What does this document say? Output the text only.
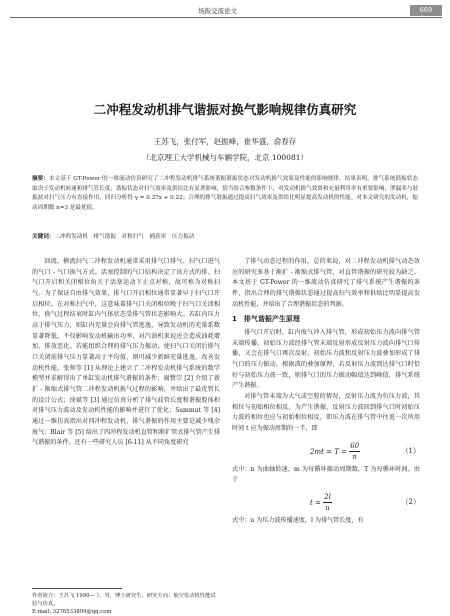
场振交流论文	669
二冲程发动机排气谐振对换气影响规律仿真研究
王苏飞，张付军，赵振峰，崔华盛，俞春存
（北京理工大学机械与车辆学院，北京 100081）
摘要：本文基于 GT-Power 的一维流动仿真研究了二冲程发动机排气系统谐振谐振状态对发动机换气效果及性能的影响规律。结果表明，排气系统谐振状态取决于发动机转速和排气管长度；谐振状态对扫气效率及供给比有显著影响，恰当组合参数条件下，对发动机换气效果和充量利用率有重要影响；泄漏率与谐振波对扫气压力有直接作用，回归分析得 γ = 0.37x + 0.22；合理的排气谐振通过提高扫气效率及供给比明显提高发动机的性能。对本文研究的发动机，振动周期数 n=3 是最优值。
关键词：二冲程发动机　排气谐振　对称扫气　捕获率　压力振动

回流、横流扫气二冲程发动机通常采用排气口排气、扫气口进气的气口 - 气口换气方式。活塞控制的气口结构决定了该方式的排、扫气口开启和关闭相位角关于活塞运动下止点对称，故可称为对称扫气。为了保证自由排气效果，排气口开启相位通常显著早于扫气口开启相位。在对称扫气中，这意味着排气口关闭相位晚于扫气口关闭相位，换气过程结束时缸内气体状态受排气管状态影响大。若缸内压力高于排气压力，则缸内充量会向排气管逃逸，导致发动机的充量系数显著降低，不仅影响发动机输出功率，对汽油机来说还会造成油耗增加、排放恶化。若能组织合理的排气压力振动，使扫气口关闭后排气口关闭前排气压力显著高于平均值，则可减少新鲜充量逃逸，改善发动机性能。张帅等 [1] 从理论上建立了二冲程发动机排气系统的数学模型并求解得出了单缸发动机排气谐振的条件；谢赞宗 [2] 介绍了新扩 - 渐缩式排气管二冲程发动机换气过程的影响，并给出了最优管长的设计公式；徐斌等 [3] 通过仿真分析了排气歧管长度和谐振腔体积对排气压力波动及发动机性能的影响并进行了优化；Sammut 等 [4] 通过一维仿真指出对四冲程发动机，排气谐振的作用主要是减少残余废气；Blair 等 [5] 给出了四冲程发动机直管和渐扩管式排气管产生排气谐振的条件。还有一些研究人员 [6-11] 从不同角度研究

了排气动态过程的作用。总的来说，对二冲程发动机排气动态效应的研究多基于渐扩 - 渐缩式排气管，对直管谐振的研究较为缺乏。本文基于 GT-Power 的一维流动仿真研究了排气系统产生谐振的条件，指出合理的排气谐振状态通过提高扫气效率和供给比明显提高发动机性能，并给出了合理谐振状态的判据。

1　排气谐振产生原理

排气口开启时，缸内废气冲入排气管，形成初始压力波向排气管末端传播。初始压力波经排气管末端反射形成反射压力波向排气口传播，又会在排气口再次反射。初始压力波和反射压力波叠加形成了排气口的压力振动。根据波的叠加原理，若反射压力波到达排气口时恰好与初始压力波一致，则排气口的压力振动幅值达到峰值，排气系统产生谐振。

对排气管末端为大气或空腔的情况，反射压力波为负压力波，其相位与初始相位相反。为产生谐振，反射压力波回到排气口时初始压力波的相位也应与初始相位相反，即压力波在排气管中往返一次所用时间 t 应为振动周期的一半，即

$2mt = T = \frac{60}{n}$	（1）

式中：n 为曲轴转速，m 为每循环振动周期数，T 为每循环时间。由于

$t = \frac{2l}{u}$	（2）

式中：u 为压力波传播速度，l 为排气管长度，有

作者简介：王苏飞 1990— ），男，博士研究生，研究方向：航空发动机性能试验与仿真。
E-mail: 3276533899@qq.com
